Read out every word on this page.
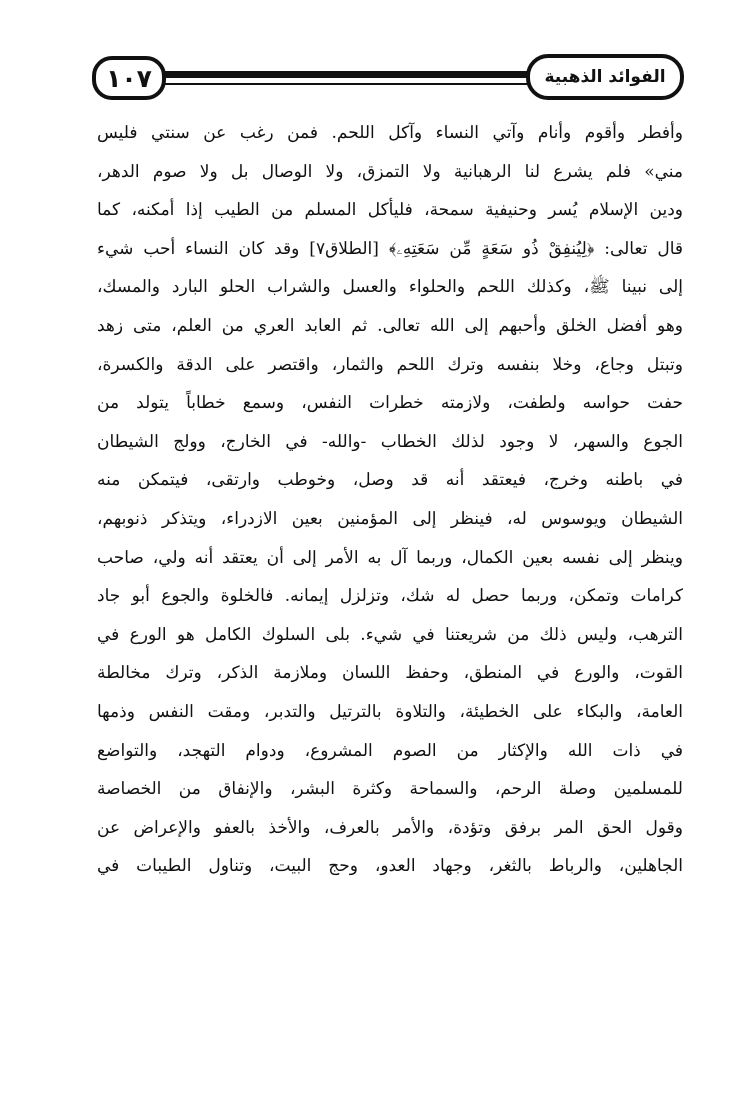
١٠٧	الفوائد الذهبية
وأفطر وأقوم وأنام وآتي النساء وآكل اللحم. فمن رغب عن سنتي فليس
مني» فلم يشرع لنا الرهبانية ولا التمزق، ولا الوصال بل ولا صوم الدهر،
ودين الإسلام يُسر وحنيفية سمحة، فليأكل المسلم من الطيب إذا أمكنه، كما
قال تعالى: ﴿لِيُنفِقْ ذُو سَعَةٍ مِّن سَعَتِهِۦ﴾ [الطلاق٧] وقد كان النساء أحب شيء
إلى نبينا ﷺ، وكذلك اللحم والحلواء والعسل والشراب الحلو البارد والمسك،
وهو أفضل الخلق وأحبهم إلى الله تعالى. ثم العابد العري من العلم، متى زهد
وتبتل وجاع، وخلا بنفسه وترك اللحم والثمار، واقتصر على الدقة والكسرة،
حفت حواسه ولطفت، ولازمته خطرات النفس، وسمع خطاباً يتولد من
الجوع والسهر، لا وجود لذلك الخطاب -والله- في الخارج، وولج الشيطان
في باطنه وخرج، فيعتقد أنه قد وصل، وخوطب وارتقى، فيتمكن منه
الشيطان ويوسوس له، فينظر إلى المؤمنين بعين الازدراء، ويتذكر ذنوبهم،
وينظر إلى نفسه بعين الكمال، وربما آل به الأمر إلى أن يعتقد أنه ولي، صاحب
كرامات وتمكن، وربما حصل له شك، وتزلزل إيمانه. فالخلوة والجوع أبو جاد
الترهب، وليس ذلك من شريعتنا في شيء. بلى السلوك الكامل هو الورع في
القوت، والورع في المنطق، وحفظ اللسان وملازمة الذكر، وترك مخالطة
العامة، والبكاء على الخطيئة، والتلاوة بالترتيل والتدبر، ومقت النفس وذمها
في ذات الله والإكثار من الصوم المشروع، ودوام التهجد، والتواضع
للمسلمين وصلة الرحم، والسماحة وكثرة البشر، والإنفاق من الخصاصة
وقول الحق المر برفق وتؤدة، والأمر بالعرف، والأخذ بالعفو والإعراض عن
الجاهلين، والرباط بالثغر، وجهاد العدو، وحج البيت، وتناول الطيبات في
